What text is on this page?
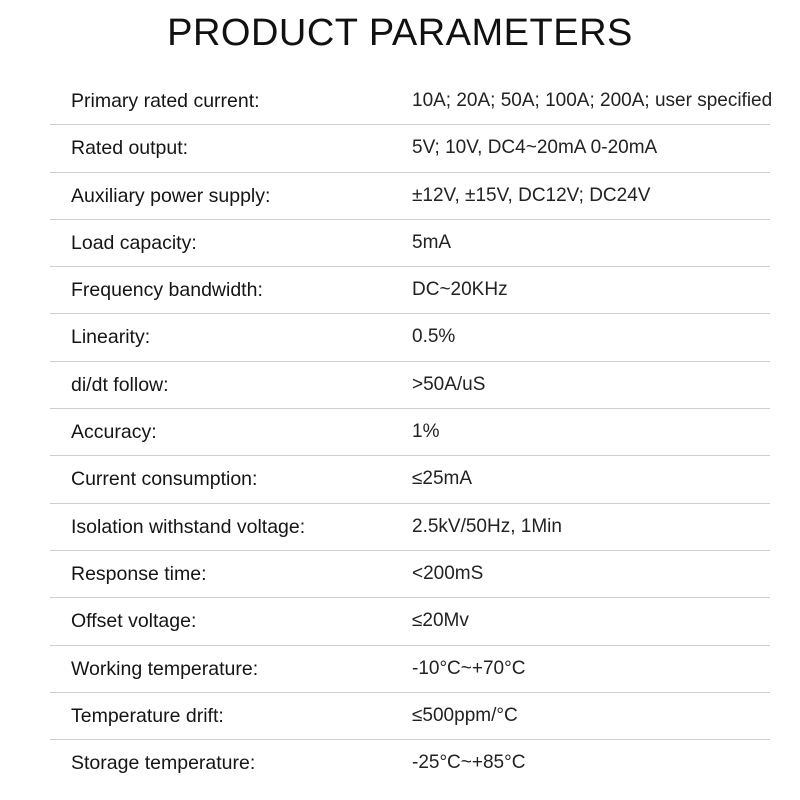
PRODUCT PARAMETERS
Primary rated current:	10A; 20A; 50A; 100A; 200A; user specified
Rated output:	5V; 10V, DC4~20mA 0-20mA
Auxiliary power supply:	±12V, ±15V, DC12V; DC24V
Load capacity:	5mA
Frequency bandwidth:	DC~20KHz
Linearity:	0.5%
di/dt follow:	>50A/uS
Accuracy:	1%
Current consumption:	≤25mA
Isolation withstand voltage:	2.5kV/50Hz, 1Min
Response time:	<200mS
Offset voltage:	≤20Mv
Working temperature:	-10°C~+70°C
Temperature drift:	≤500ppm/°C
Storage temperature:	-25°C~+85°C
